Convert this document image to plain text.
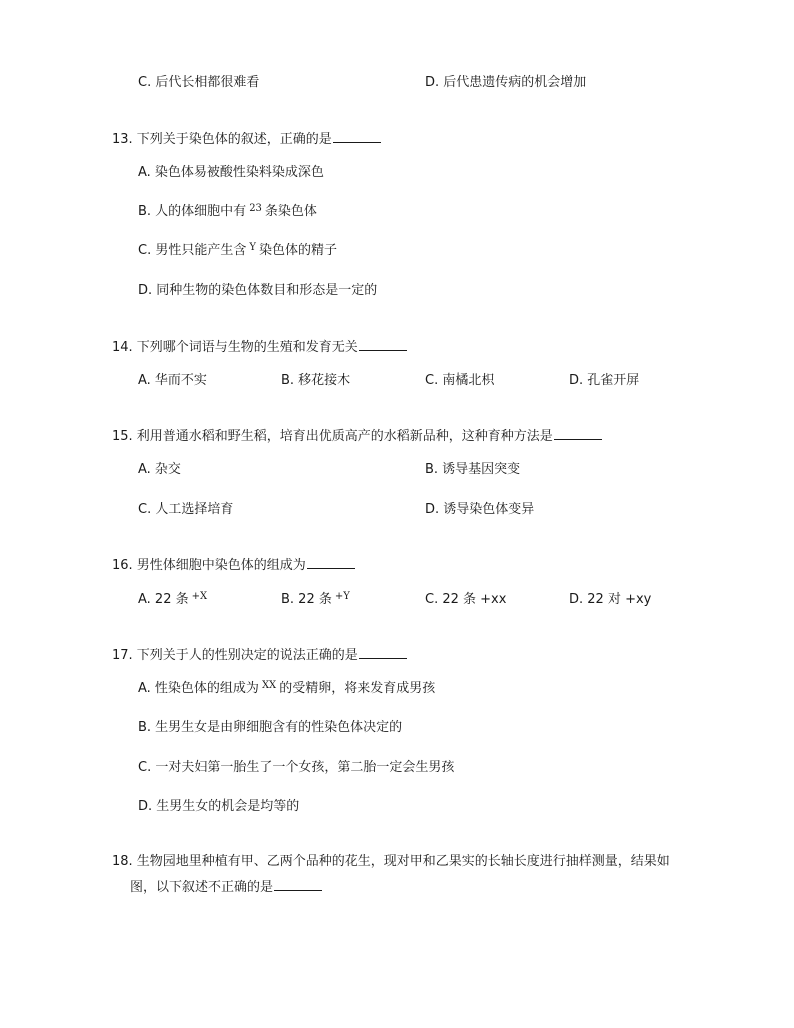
C. 后代长相都很难看	D. 后代患遗传病的机会增加
13. 下列关于染色体的叙述，正确的是
A. 染色体易被酸性染料染成深色
B. 人的体细胞中有 $^{23}$ 条染色体
C. 男性只能产生含 $^Y$ 染色体的精子
D. 同种生物的染色体数目和形态是一定的
14. 下列哪个词语与生物的生殖和发育无关
A. 华而不实	B. 移花接木	C. 南橘北枳	D. 孔雀开屏
15. 利用普通水稻和野生稻，培育出优质高产的水稻新品种，这种育种方法是
A. 杂交	B. 诱导基因突变
C. 人工选择培育	D. 诱导染色体变异
16. 男性体细胞中染色体的组成为
A. 22 条 $^{+X}$	B. 22 条 $^{+Y}$	C. 22 条 +xx	D. 22 对 +xy
17. 下列关于人的性别决定的说法正确的是
A. 性染色体的组成为 $^{XX}$ 的受精卵，将来发育成男孩
B. 生男生女是由卵细胞含有的性染色体决定的
C. 一对夫妇第一胎生了一个女孩，第二胎一定会生男孩
D. 生男生女的机会是均等的
18. 生物园地里种植有甲、乙两个品种的花生，现对甲和乙果实的长轴长度进行抽样测量，结果如
图，以下叙述不正确的是
